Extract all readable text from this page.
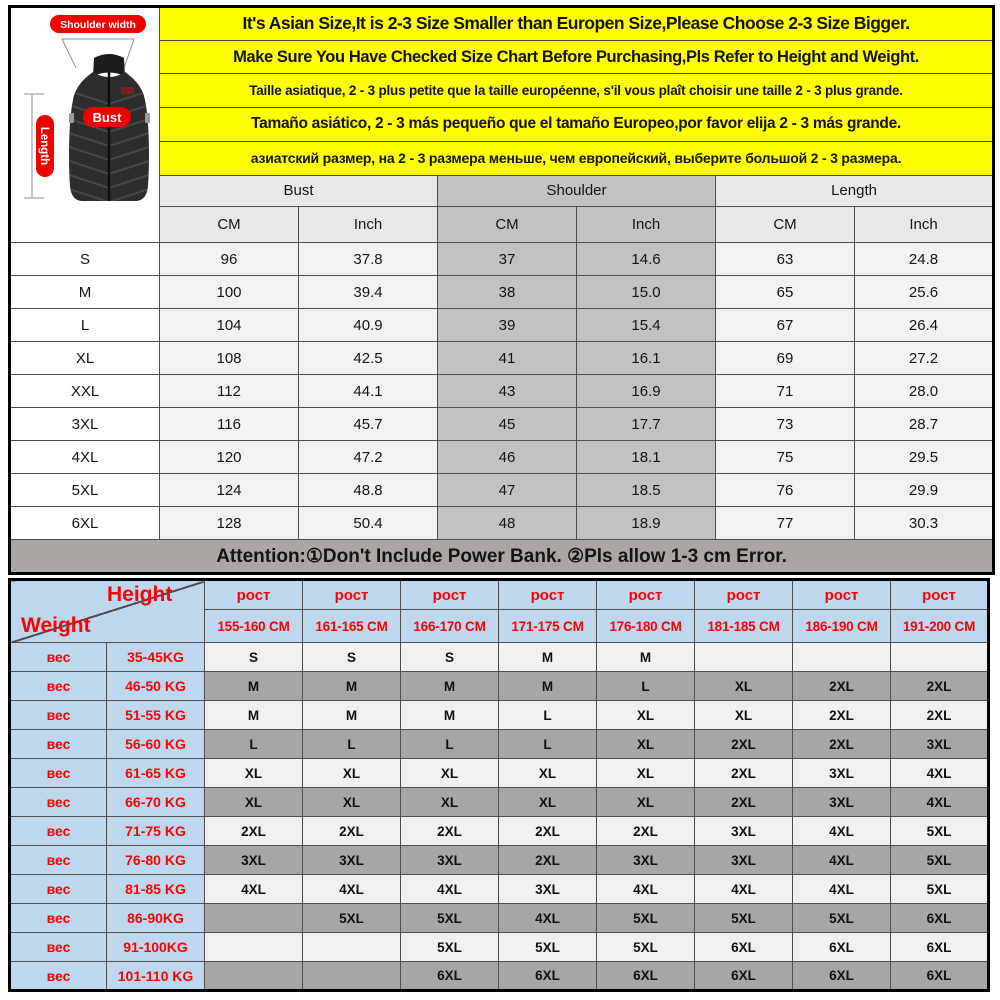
Shoulder width
Bust
Length	It's Asian Size,It is 2-3 Size Smaller than Europen Size,Please Choose 2-3 Size Bigger.					
	Make Sure You Have Checked Size Chart Before Purchasing,Pls Refer to Height and Weight.					
	Taille asiatique, 2 - 3 plus petite que la taille européenne, s'il vous plaît choisir une taille 2 - 3 plus grande.					
	Tamaño asiático, 2 - 3 más pequeño que el tamaño Europeo,por favor elija 2 - 3 más grande.					
	азиатский размер, на 2 - 3 размера меньше, чем европейский, выберите большой 2 - 3 размера.					
	Bust		Shoulder		Length	
	CM	Inch	CM	Inch	CM	Inch
S	96	37.8	37	14.6	63	24.8
M	100	39.4	38	15.0	65	25.6
L	104	40.9	39	15.4	67	26.4
XL	108	42.5	41	16.1	69	27.2
XXL	112	44.1	43	16.9	71	28.0
3XL	116	45.7	45	17.7	73	28.7
4XL	120	47.2	46	18.1	75	29.5
5XL	124	48.8	47	18.5	76	29.9
6XL	128	50.4	48	18.9	77	30.3
Attention:①Don't Include Power Bank. ②Pls allow 1-3 cm Error.						
Height
Weight		рост	рост	рост	рост	рост	рост	рост	рост
		155-160 CM	161-165 CM	166-170 CM	171-175 CM	176-180 CM	181-185 CM	186-190 CM	191-200 CM
вес	35-45KG	S	S	S	M	M			
вес	46-50 KG	M	M	M	M	L	XL	2XL	2XL
вес	51-55 KG	M	M	M	L	XL	XL	2XL	2XL
вес	56-60 KG	L	L	L	L	XL	2XL	2XL	3XL
вес	61-65 KG	XL	XL	XL	XL	XL	2XL	3XL	4XL
вес	66-70 KG	XL	XL	XL	XL	XL	2XL	3XL	4XL
вес	71-75 KG	2XL	2XL	2XL	2XL	2XL	3XL	4XL	5XL
вес	76-80 KG	3XL	3XL	3XL	2XL	3XL	3XL	4XL	5XL
вес	81-85 KG	4XL	4XL	4XL	3XL	4XL	4XL	4XL	5XL
вес	86-90KG		5XL	5XL	4XL	5XL	5XL	5XL	6XL
вес	91-100KG			5XL	5XL	5XL	6XL	6XL	6XL
вес	101-110 KG			6XL	6XL	6XL	6XL	6XL	6XL
